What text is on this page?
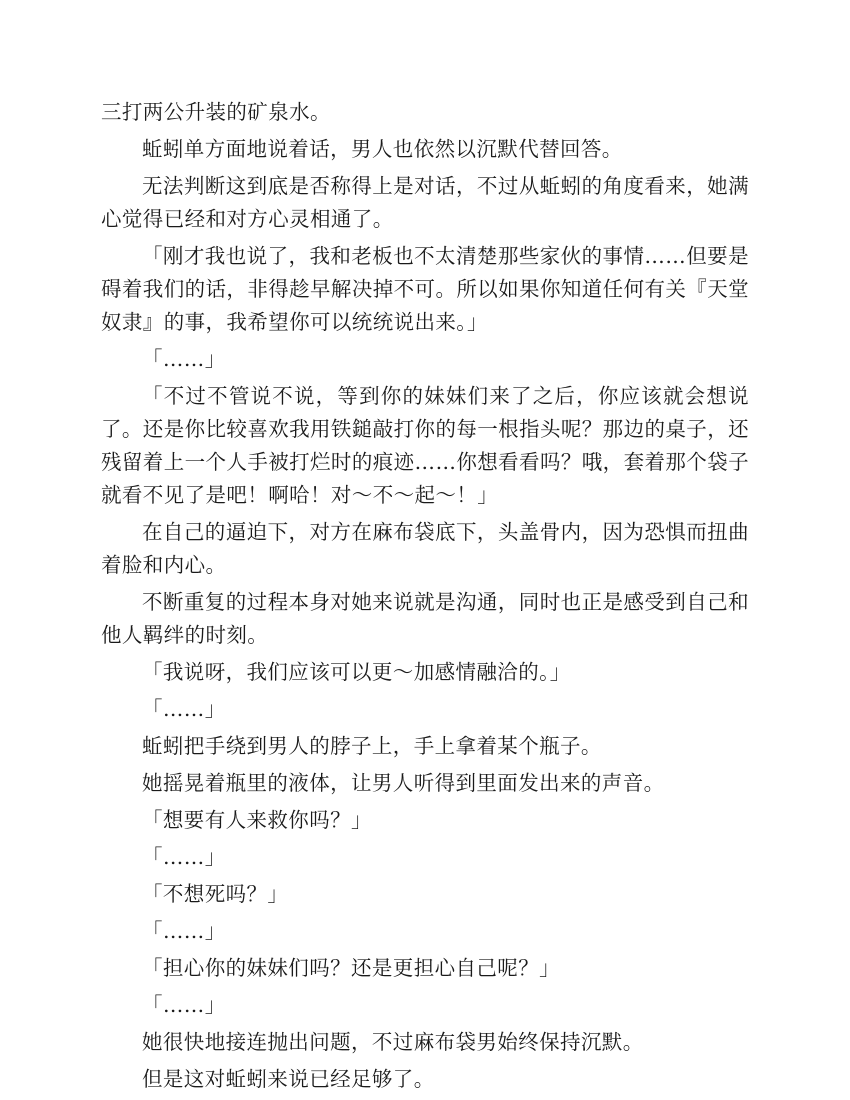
三打两公升装的矿泉水。

蚯蚓单方面地说着话，男人也依然以沉默代替回答。

无法判断这到底是否称得上是对话，不过从蚯蚓的角度看来，她满心觉得已经和对方心灵相通了。

「刚才我也说了，我和老板也不太清楚那些家伙的事情……但要是碍着我们的话，非得趁早解决掉不可。所以如果你知道任何有关『天堂奴隶』的事，我希望你可以统统说出来。」

「……」

「不过不管说不说，等到你的妹妹们来了之后，你应该就会想说了。还是你比较喜欢我用铁鎚敲打你的每一根指头呢？那边的桌子，还残留着上一个人手被打烂时的痕迹……你想看看吗？哦，套着那个袋子就看不见了是吧！啊哈！对～不～起～！」

在自己的逼迫下，对方在麻布袋底下，头盖骨内，因为恐惧而扭曲着脸和内心。

不断重复的过程本身对她来说就是沟通，同时也正是感受到自己和他人羁绊的时刻。

「我说呀，我们应该可以更～加感情融洽的。」

「……」

蚯蚓把手绕到男人的脖子上，手上拿着某个瓶子。

她摇晃着瓶里的液体，让男人听得到里面发出来的声音。

「想要有人来救你吗？」

「……」

「不想死吗？」

「……」

「担心你的妹妹们吗？还是更担心自己呢？」

「……」

她很快地接连抛出问题，不过麻布袋男始终保持沉默。

但是这对蚯蚓来说已经足够了。
